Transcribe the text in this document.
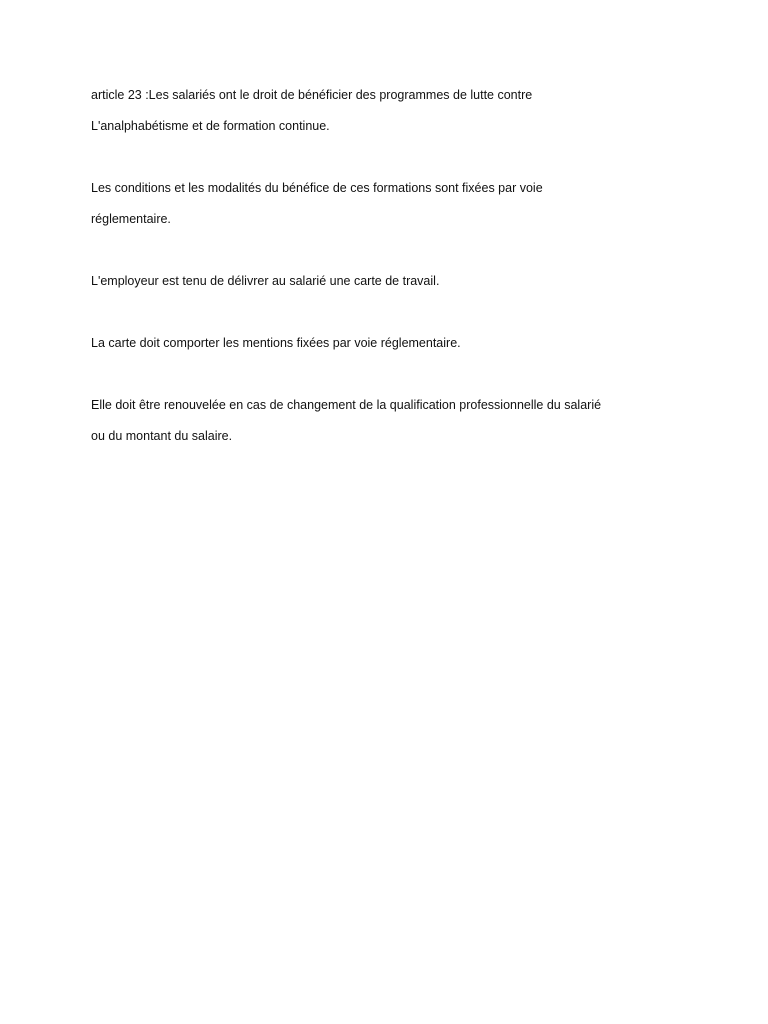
article 23 :Les salariés ont le droit de bénéficier des programmes de lutte contre
L'analphabétisme et de formation continue.
Les conditions et les modalités du bénéfice de ces formations sont fixées par voie
réglementaire.
L'employeur est tenu de délivrer au salarié une carte de travail.
La carte doit comporter les mentions fixées par voie réglementaire.
Elle doit être renouvelée en cas de changement de la qualification professionnelle du salarié
ou du montant du salaire.
